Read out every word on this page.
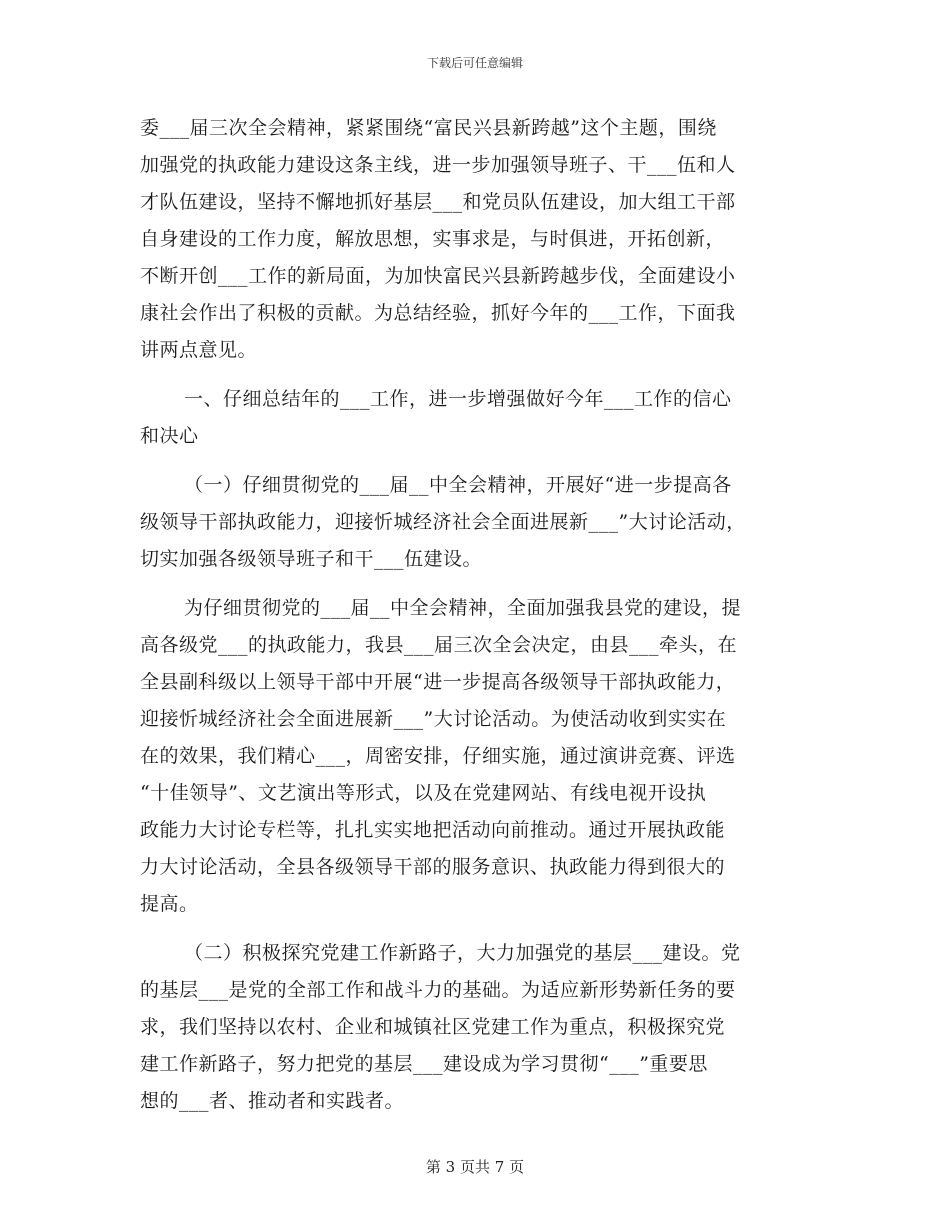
下载后可任意编辑
委___届三次全会精神，紧紧围绕“富民兴县新跨越”这个主题，围绕
加强党的执政能力建设这条主线，进一步加强领导班子、干___伍和人
才队伍建设，坚持不懈地抓好基层___和党员队伍建设，加大组工干部
自身建设的工作力度，解放思想，实事求是，与时俱进，开拓创新，
不断开创___工作的新局面，为加快富民兴县新跨越步伐，全面建设小
康社会作出了积极的贡献。为总结经验，抓好今年的___工作，下面我
讲两点意见。
一、仔细总结年的___工作，进一步增强做好今年___工作的信心
和决心
（一）仔细贯彻党的___届__中全会精神，开展好“进一步提高各
级领导干部执政能力，迎接忻城经济社会全面进展新___”大讨论活动，
切实加强各级领导班子和干___伍建设。
为仔细贯彻党的___届__中全会精神，全面加强我县党的建设，提
高各级党___的执政能力，我县___届三次全会决定，由县___牵头，在
全县副科级以上领导干部中开展“进一步提高各级领导干部执政能力，
迎接忻城经济社会全面进展新___”大讨论活动。为使活动收到实实在
在的效果，我们精心___，周密安排，仔细实施，通过演讲竞赛、评选
“十佳领导”、文艺演出等形式，以及在党建网站、有线电视开设执
政能力大讨论专栏等，扎扎实实地把活动向前推动。通过开展执政能
力大讨论活动，全县各级领导干部的服务意识、执政能力得到很大的
提高。
（二）积极探究党建工作新路子，大力加强党的基层___建设。党
的基层___是党的全部工作和战斗力的基础。为适应新形势新任务的要
求，我们坚持以农村、企业和城镇社区党建工作为重点，积极探究党
建工作新路子，努力把党的基层___建设成为学习贯彻“___”重要思
想的___者、推动者和实践者。
第 3 页共 7 页
